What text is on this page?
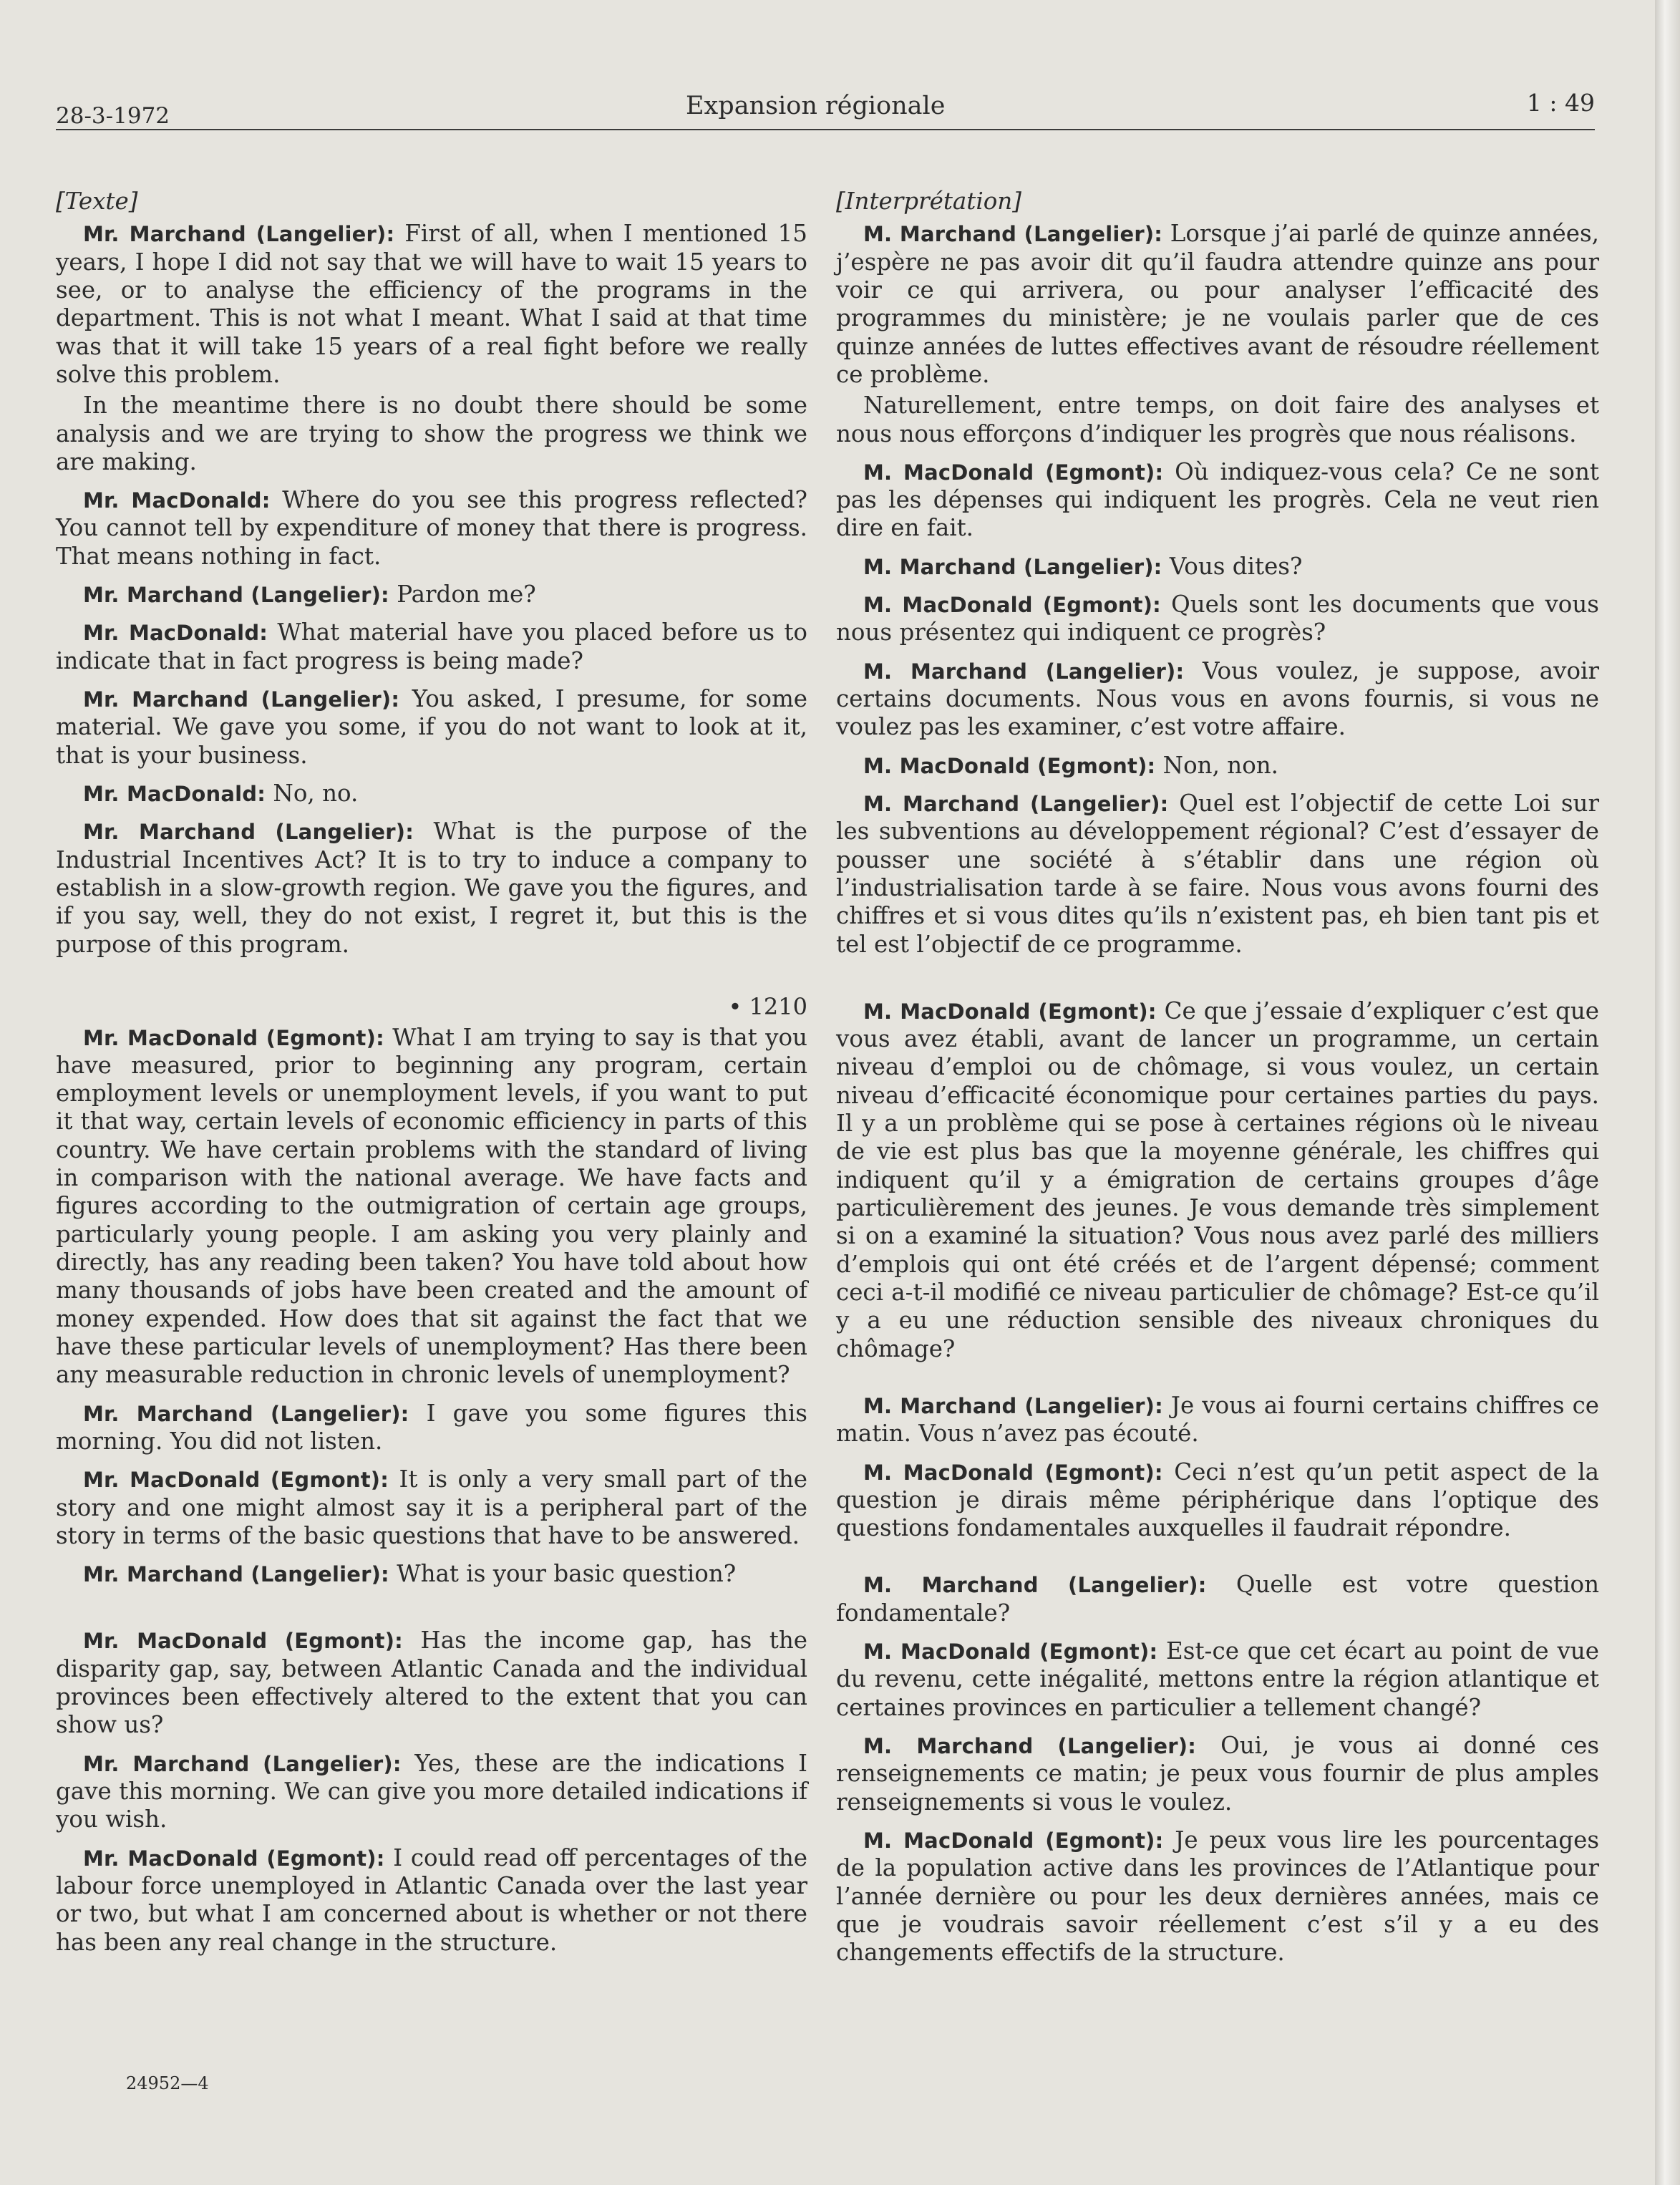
28-3-1972	Expansion régionale	1 : 49

[Texte]

Mr. Marchand (Langelier): First of all, when I mentioned 15 years, I hope I did not say that we will have to wait 15 years to see, or to analyse the efficiency of the programs in the department. This is not what I meant. What I said at that time was that it will take 15 years of a real fight before we really solve this problem.

In the meantime there is no doubt there should be some analysis and we are trying to show the progress we think we are making.

Mr. MacDonald: Where do you see this progress reflected? You cannot tell by expenditure of money that there is progress. That means nothing in fact.

Mr. Marchand (Langelier): Pardon me?

Mr. MacDonald: What material have you placed before us to indicate that in fact progress is being made?

Mr. Marchand (Langelier): You asked, I presume, for some material. We gave you some, if you do not want to look at it, that is your business.

Mr. MacDonald: No, no.

Mr. Marchand (Langelier): What is the purpose of the Industrial Incentives Act? It is to try to induce a company to establish in a slow-growth region. We gave you the figures, and if you say, well, they do not exist, I regret it, but this is the purpose of this program.

• 1210

Mr. MacDonald (Egmont): What I am trying to say is that you have measured, prior to beginning any program, certain employment levels or unemployment levels, if you want to put it that way, certain levels of economic efficiency in parts of this country. We have certain problems with the standard of living in comparison with the national average. We have facts and figures according to the outmigration of certain age groups, particularly young people. I am asking you very plainly and directly, has any reading been taken? You have told about how many thousands of jobs have been created and the amount of money expended. How does that sit against the fact that we have these particular levels of unemployment? Has there been any measurable reduction in chronic levels of unemployment?

Mr. Marchand (Langelier): I gave you some figures this morning. You did not listen.

Mr. MacDonald (Egmont): It is only a very small part of the story and one might almost say it is a peripheral part of the story in terms of the basic questions that have to be answered.

Mr. Marchand (Langelier): What is your basic question?

Mr. MacDonald (Egmont): Has the income gap, has the disparity gap, say, between Atlantic Canada and the individual provinces been effectively altered to the extent that you can show us?

Mr. Marchand (Langelier): Yes, these are the indications I gave this morning. We can give you more detailed indications if you wish.

Mr. MacDonald (Egmont): I could read off percentages of the labour force unemployed in Atlantic Canada over the last year or two, but what I am concerned about is whether or not there has been any real change in the structure.

[Interprétation]

M. Marchand (Langelier): Lorsque j’ai parlé de quinze années, j’espère ne pas avoir dit qu’il faudra attendre quinze ans pour voir ce qui arrivera, ou pour analyser l’efficacité des programmes du ministère; je ne voulais parler que de ces quinze années de luttes effectives avant de résoudre réellement ce problème.

Naturellement, entre temps, on doit faire des analyses et nous nous efforçons d’indiquer les progrès que nous réalisons.

M. MacDonald (Egmont): Où indiquez-vous cela? Ce ne sont pas les dépenses qui indiquent les progrès. Cela ne veut rien dire en fait.

M. Marchand (Langelier): Vous dites?

M. MacDonald (Egmont): Quels sont les documents que vous nous présentez qui indiquent ce progrès?

M. Marchand (Langelier): Vous voulez, je suppose, avoir certains documents. Nous vous en avons fournis, si vous ne voulez pas les examiner, c’est votre affaire.

M. MacDonald (Egmont): Non, non.

M. Marchand (Langelier): Quel est l’objectif de cette Loi sur les subventions au développement régional? C’est d’essayer de pousser une société à s’établir dans une région où l’industrialisation tarde à se faire. Nous vous avons fourni des chiffres et si vous dites qu’ils n’existent pas, eh bien tant pis et tel est l’objectif de ce programme.

M. MacDonald (Egmont): Ce que j’essaie d’expliquer c’est que vous avez établi, avant de lancer un programme, un certain niveau d’emploi ou de chômage, si vous voulez, un certain niveau d’efficacité économique pour certaines parties du pays. Il y a un problème qui se pose à certaines régions où le niveau de vie est plus bas que la moyenne générale, les chiffres qui indiquent qu’il y a émigration de certains groupes d’âge particulièrement des jeunes. Je vous demande très simplement si on a examiné la situation? Vous nous avez parlé des milliers d’emplois qui ont été créés et de l’argent dépensé; comment ceci a-t-il modifié ce niveau particulier de chômage? Est-ce qu’il y a eu une réduction sensible des niveaux chroniques du chômage?

M. Marchand (Langelier): Je vous ai fourni certains chiffres ce matin. Vous n’avez pas écouté.

M. MacDonald (Egmont): Ceci n’est qu’un petit aspect de la question je dirais même périphérique dans l’optique des questions fondamentales auxquelles il faudrait répondre.

M. Marchand (Langelier): Quelle est votre question fondamentale?

M. MacDonald (Egmont): Est-ce que cet écart au point de vue du revenu, cette inégalité, mettons entre la région atlantique et certaines provinces en particulier a tellement changé?

M. Marchand (Langelier): Oui, je vous ai donné ces renseignements ce matin; je peux vous fournir de plus amples renseignements si vous le voulez.

M. MacDonald (Egmont): Je peux vous lire les pourcentages de la population active dans les provinces de l’Atlantique pour l’année dernière ou pour les deux dernières années, mais ce que je voudrais savoir réellement c’est s’il y a eu des changements effectifs de la structure.

24952—4
